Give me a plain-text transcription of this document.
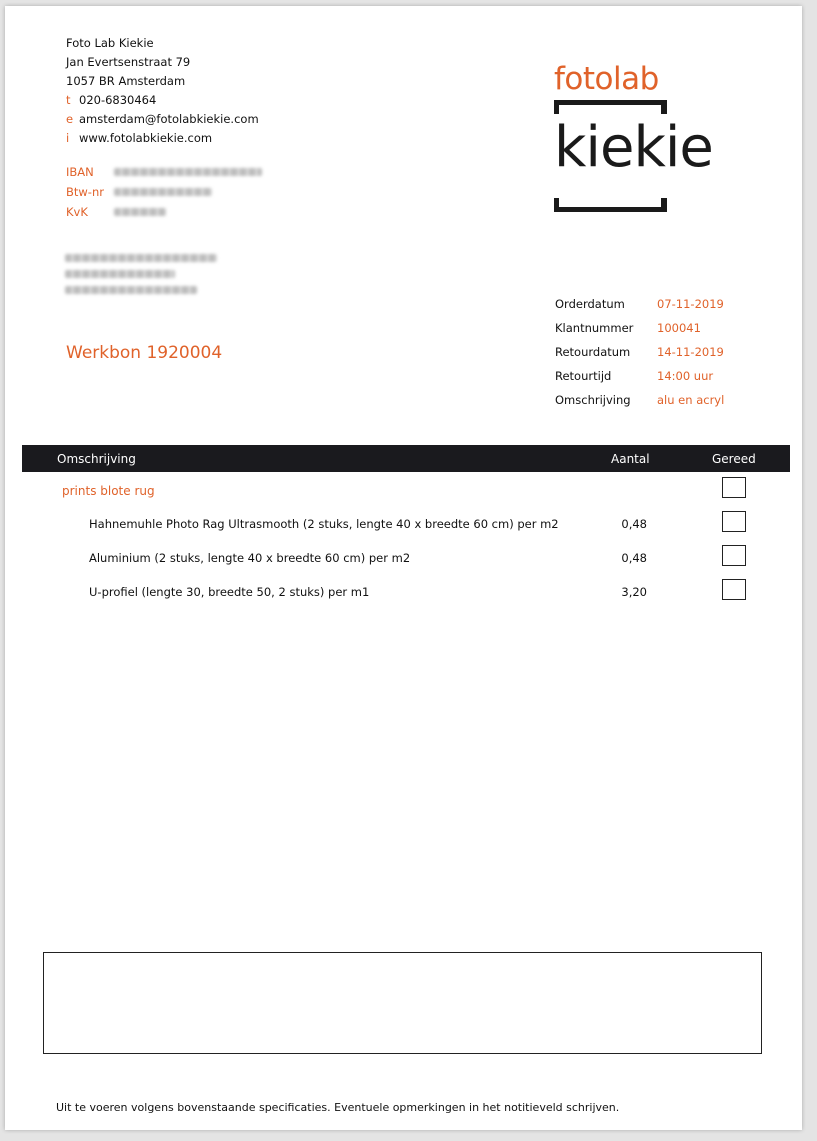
Foto Lab Kiekie
Jan Evertsenstraat 79
1057 BR Amsterdam
t 020-6830464
e amsterdam@fotolabkiekie.com
i www.fotolabkiekie.com
IBAN
Btw-nr
KvK
fotolab
kiekie
Werkbon 1920004
Orderdatum	07-11-2019
Klantnummer	100041
Retourdatum	14-11-2019
Retourtijd	14:00 uur
Omschrijving	alu en acryl
Omschrijving	Aantal	Gereed
prints blote rug
Hahnemuhle Photo Rag Ultrasmooth (2 stuks, lengte 40 x breedte 60 cm) per m2	0,48
Aluminium (2 stuks, lengte 40 x breedte 60 cm) per m2	0,48
U-profiel (lengte 30, breedte 50, 2 stuks) per m1	3,20
Uit te voeren volgens bovenstaande specificaties. Eventuele opmerkingen in het notitieveld schrijven.
